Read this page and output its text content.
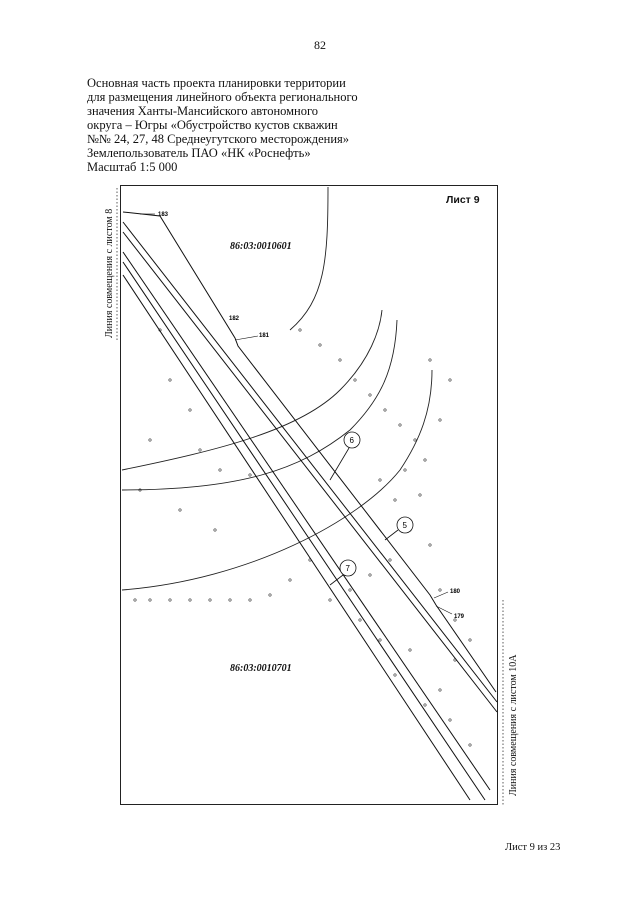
82
Основная часть проекта планировки территории
для размещения линейного объекта регионального
значения Ханты-Мансийского автономного
округа – Югры «Обустройство кустов скважин
№№ 24, 27, 48 Среднеугутского месторождения»
Землепользователь ПАО «НК «Роснефть»
Масштаб 1:5 000
183
182
181
180
179
6
5
7
Лист 9
86:03:0010601
86:03:0010701
Линия совмещения с листом 8
Линия совмещения с листом 10А
Лист 9 из 23
